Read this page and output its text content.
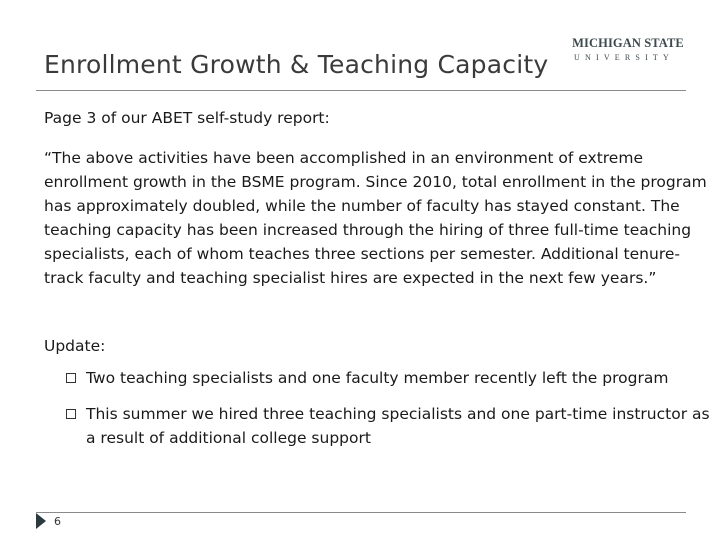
Enrollment Growth & Teaching Capacity
MICHIGAN STATE
UNIVERSITY

Page 3 of our ABET self-study report:

“The above activities have been accomplished in an environment of extreme enrollment growth in the BSME program. Since 2010, total enrollment in the program has approximately doubled, while the number of faculty has stayed constant. The teaching capacity has been increased through the hiring of three full-time teaching specialists, each of whom teaches three sections per semester. Additional tenure-track faculty and teaching specialist hires are expected in the next few years.”

Update:

Two teaching specialists and one faculty member recently left the program
This summer we hired three teaching specialists and one part-time instructor as a result of additional college support
6
